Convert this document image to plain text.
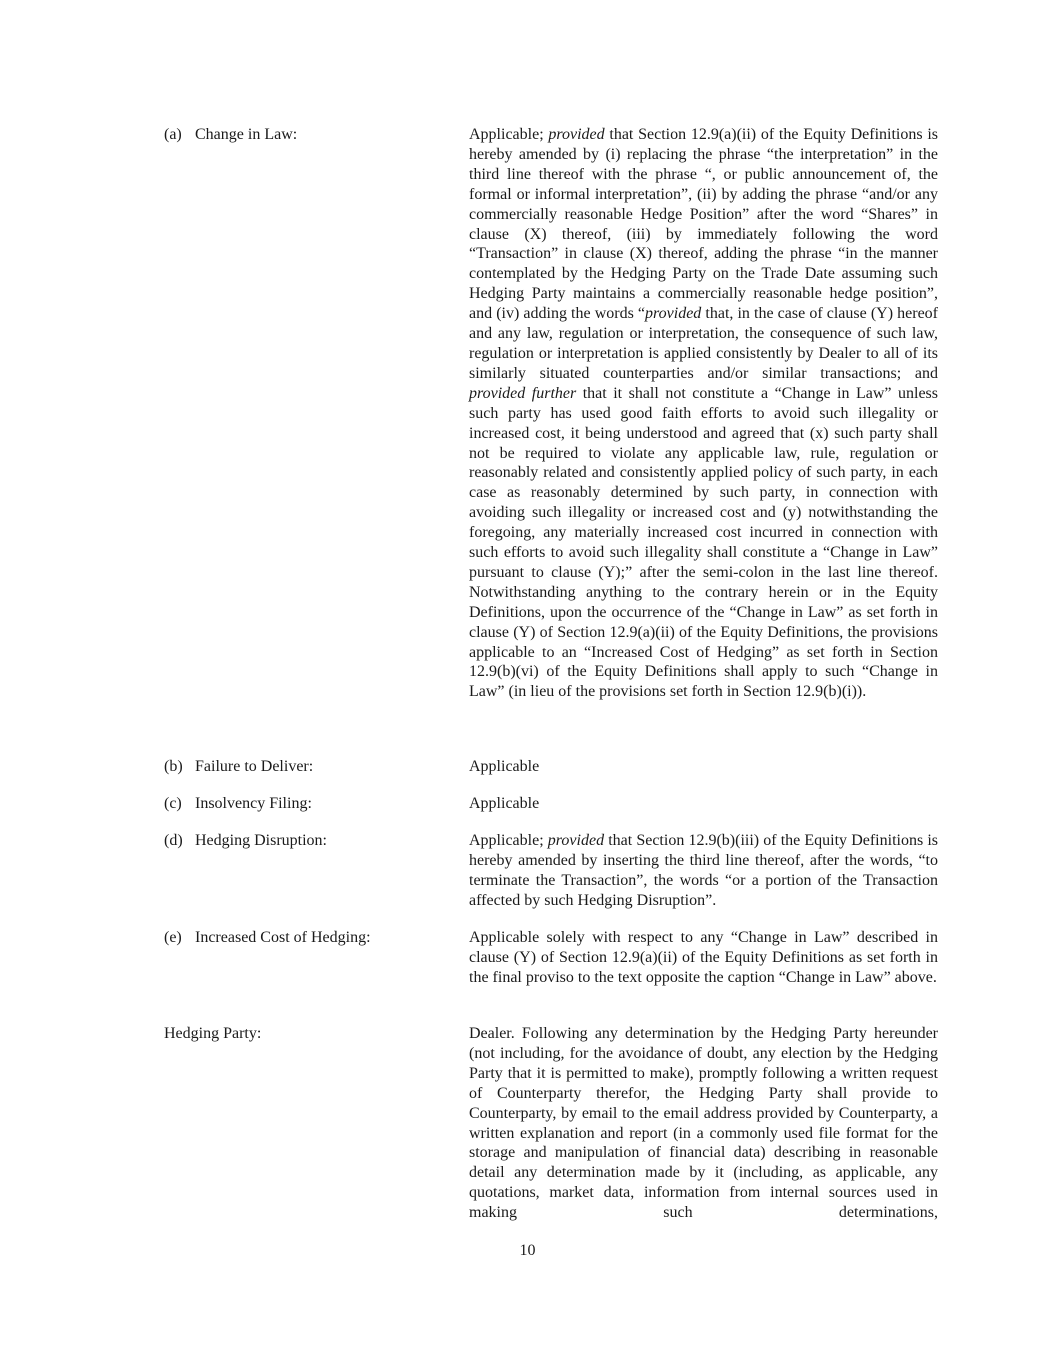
(a) Change in Law:	Applicable; provided that Section 12.9(a)(ii) of the Equity Definitions is hereby amended by (i) replacing the phrase “the interpretation” in the third line thereof with the phrase “, or public announcement of, the formal or informal interpretation”, (ii) by adding the phrase “and/or any commercially reasonable Hedge Position” after the word “Shares” in clause (X) thereof, (iii) by immediately following the word “Transaction” in clause (X) thereof, adding the phrase “in the manner contemplated by the Hedging Party on the Trade Date assuming such Hedging Party maintains a commercially reasonable hedge position”, and (iv) adding the words “provided that, in the case of clause (Y) hereof and any law, regulation or interpretation, the consequence of such law, regulation or interpretation is applied consistently by Dealer to all of its similarly situated counterparties and/or similar transactions; and provided further that it shall not constitute a “Change in Law” unless such party has used good faith efforts to avoid such illegality or increased cost, it being understood and agreed that (x) such party shall not be required to violate any applicable law, rule, regulation or reasonably related and consistently applied policy of such party, in each case as reasonably determined by such party, in connection with avoiding such illegality or increased cost and (y) notwithstanding the foregoing, any materially increased cost incurred in connection with such efforts to avoid such illegality shall constitute a “Change in Law” pursuant to clause (Y);” after the semi-colon in the last line thereof. Notwithstanding anything to the contrary herein or in the Equity Definitions, upon the occurrence of the “Change in Law” as set forth in clause (Y) of Section 12.9(a)(ii) of the Equity Definitions, the provisions applicable to an “Increased Cost of Hedging” as set forth in Section 12.9(b)(vi) of the Equity Definitions shall apply to such “Change in Law” (in lieu of the provisions set forth in Section 12.9(b)(i)).
(b) Failure to Deliver:	Applicable
(c) Insolvency Filing:	Applicable
(d) Hedging Disruption:	Applicable; provided that Section 12.9(b)(iii) of the Equity Definitions is hereby amended by inserting the third line thereof, after the words, “to terminate the Transaction”, the words “or a portion of the Transaction affected by such Hedging Disruption”.
(e) Increased Cost of Hedging:	Applicable solely with respect to any “Change in Law” described in clause (Y) of Section 12.9(a)(ii) of the Equity Definitions as set forth in the final proviso to the text opposite the caption “Change in Law” above.
Hedging Party:	Dealer. Following any determination by the Hedging Party hereunder (not including, for the avoidance of doubt, any election by the Hedging Party that it is permitted to make), promptly following a written request of Counterparty therefor, the Hedging Party shall provide to Counterparty, by email to the email address provided by Counterparty, a written explanation and report (in a commonly used file format for the storage and manipulation of financial data) describing in reasonable detail any determination made by it (including, as applicable, any quotations, market data, information from internal sources used in making such determinations,
10
